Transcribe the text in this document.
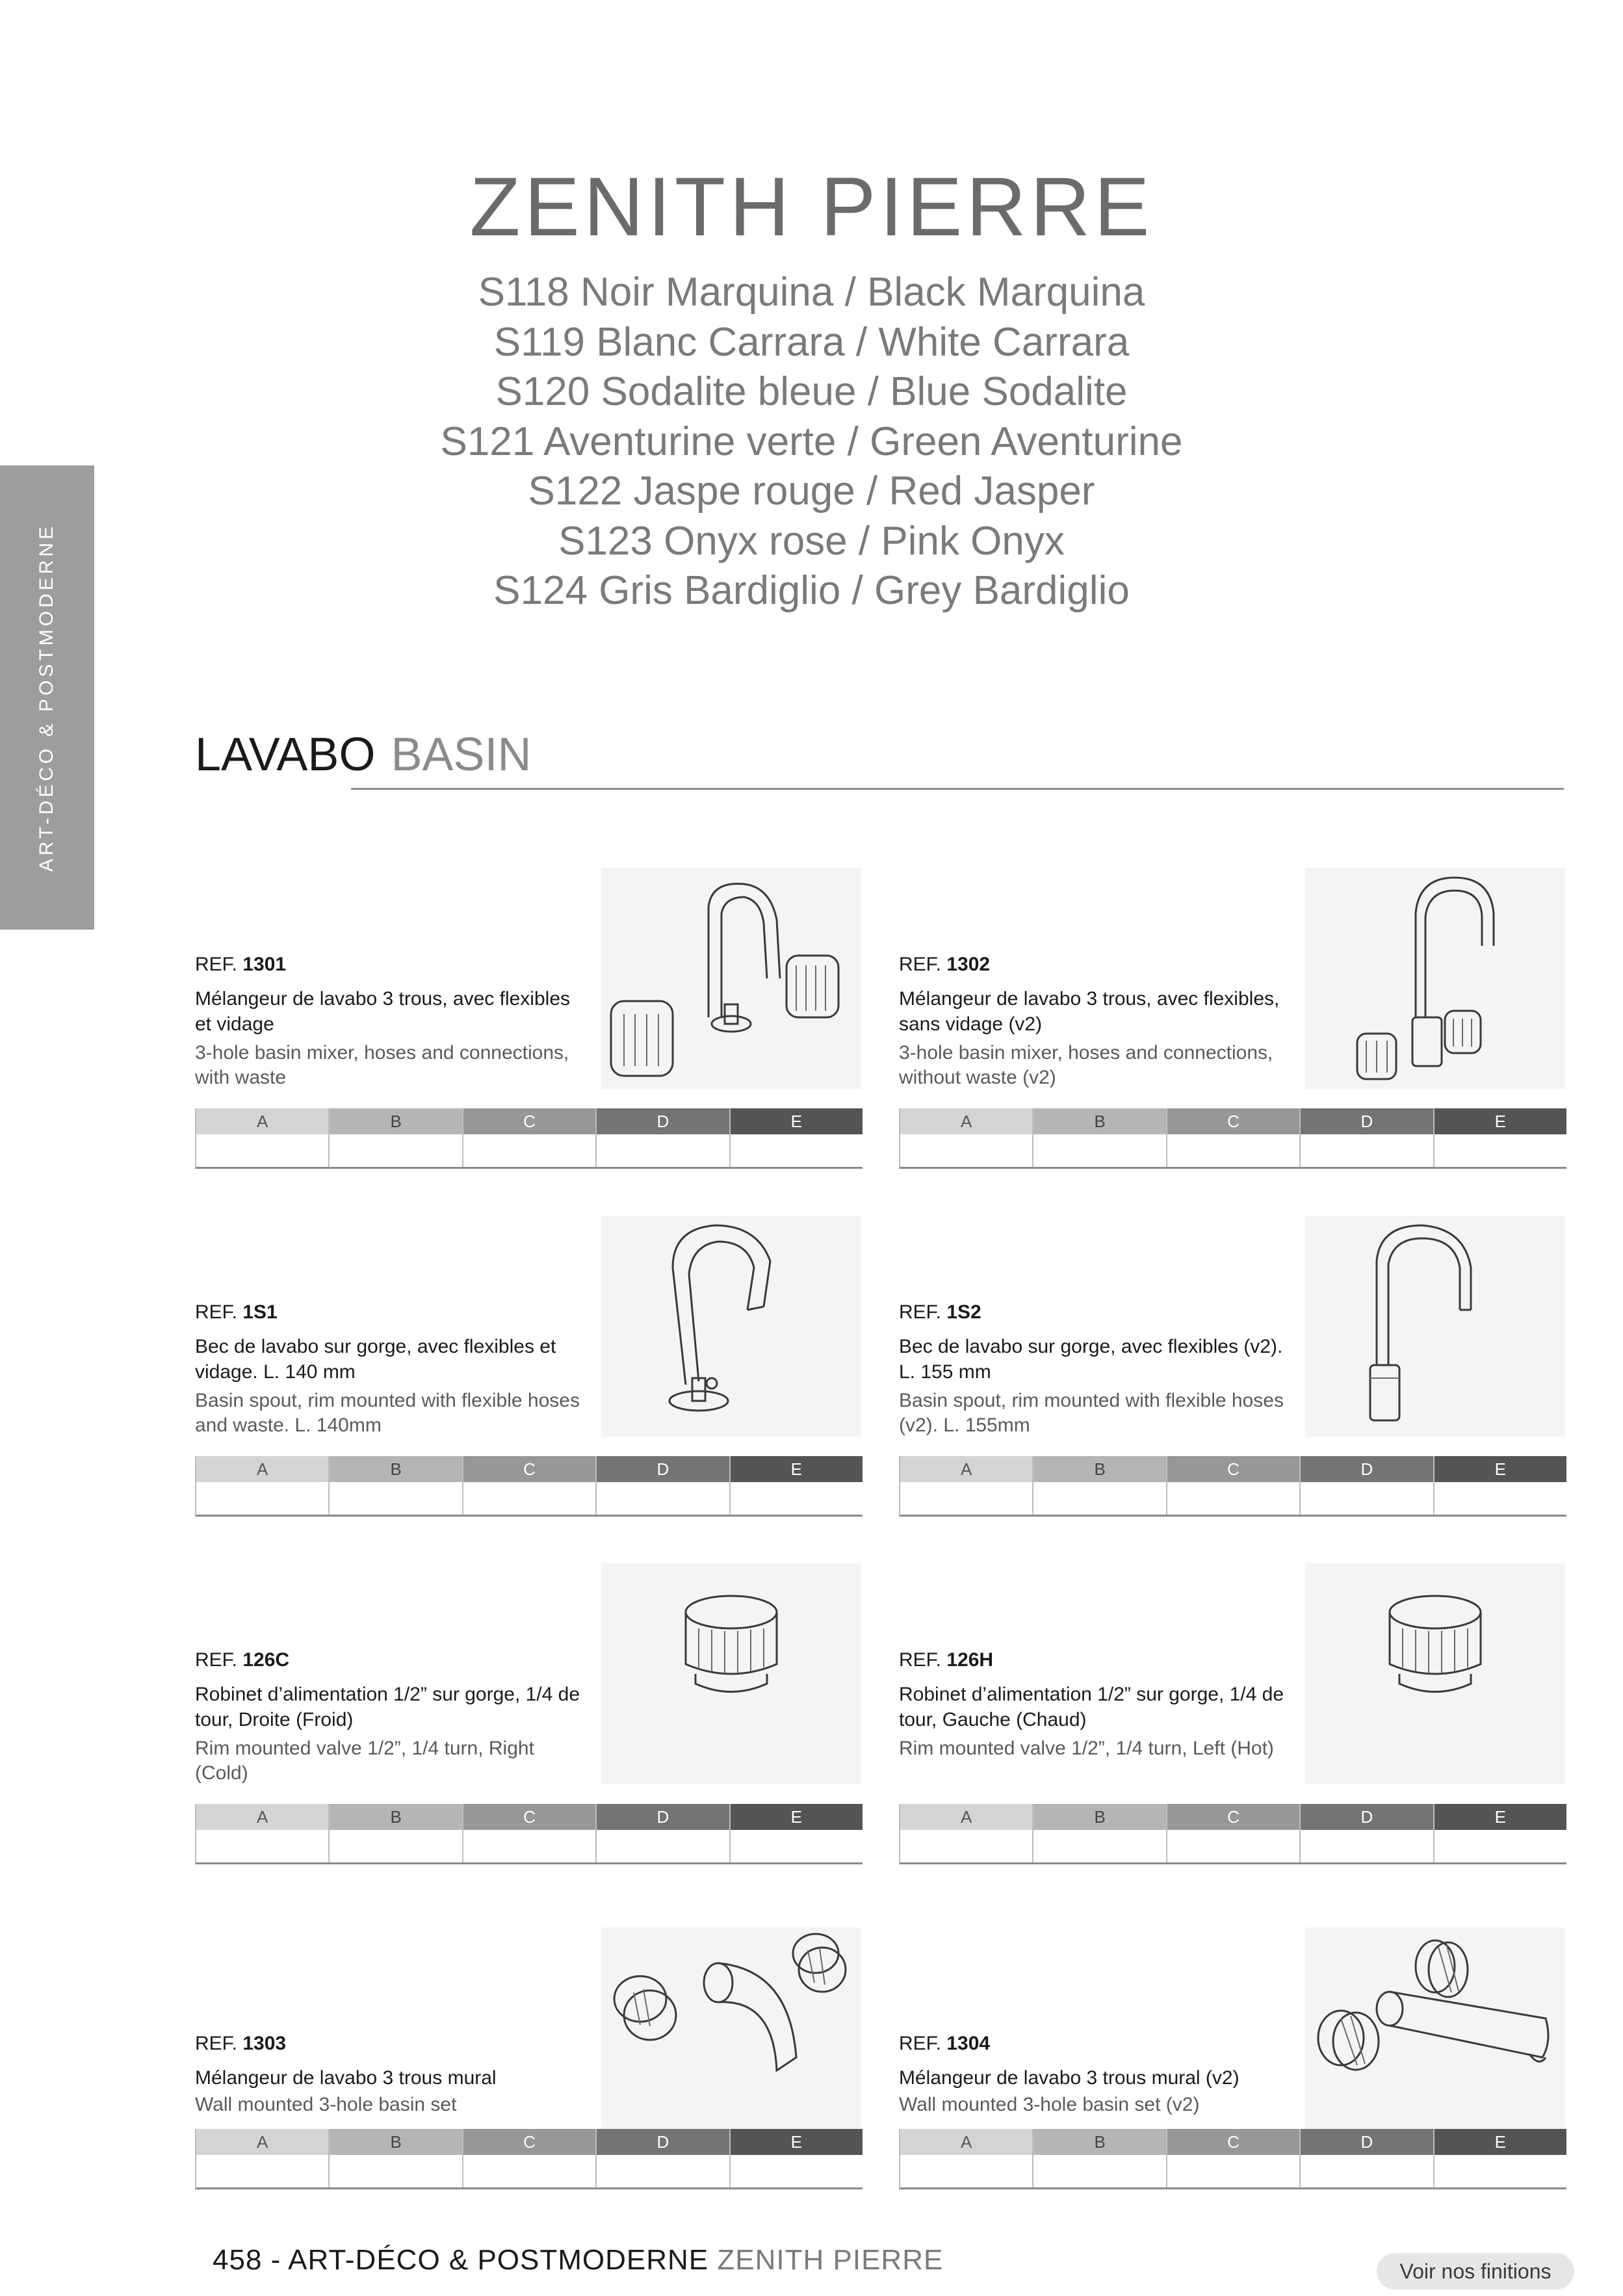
ART-DÉCO & POSTMODERNE
ZENITH PIERRE
S118 Noir Marquina / Black Marquina
S119 Blanc Carrara / White Carrara
S120 Sodalite bleue / Blue Sodalite
S121 Aventurine verte / Green Aventurine
S122 Jaspe rouge / Red Jasper
S123 Onyx rose / Pink Onyx
S124 Gris Bardiglio / Grey Bardiglio
LAVABO BASIN
REF. 1301
Mélangeur de lavabo 3 trous, avec flexibles et vidage
3-hole basin mixer, hoses and connections, with waste
A	B	C	D	E
REF. 1302
Mélangeur de lavabo 3 trous, avec flexibles, sans vidage (v2)
3-hole basin mixer, hoses and connections, without waste (v2)
A	B	C	D	E
REF. 1S1
Bec de lavabo sur gorge, avec flexibles et vidage. L. 140 mm
Basin spout, rim mounted with flexible hoses and waste. L. 140mm
A	B	C	D	E
REF. 1S2
Bec de lavabo sur gorge, avec flexibles (v2). L. 155 mm
Basin spout, rim mounted with flexible hoses (v2). L. 155mm
A	B	C	D	E
REF. 126C
Robinet d’alimentation 1/2” sur gorge, 1/4 de tour, Droite (Froid)
Rim mounted valve 1/2”, 1/4 turn, Right (Cold)
A	B	C	D	E
REF. 126H
Robinet d’alimentation 1/2” sur gorge, 1/4 de tour, Gauche (Chaud)
Rim mounted valve 1/2”, 1/4 turn, Left (Hot)
A	B	C	D	E
REF. 1303
Mélangeur de lavabo 3 trous mural
Wall mounted 3-hole basin set
A	B	C	D	E
REF. 1304
Mélangeur de lavabo 3 trous mural (v2)
Wall mounted 3-hole basin set (v2)
A	B	C	D	E
458 - ART-DÉCO & POSTMODERNE ZENITH PIERRE	Voir nos finitions
